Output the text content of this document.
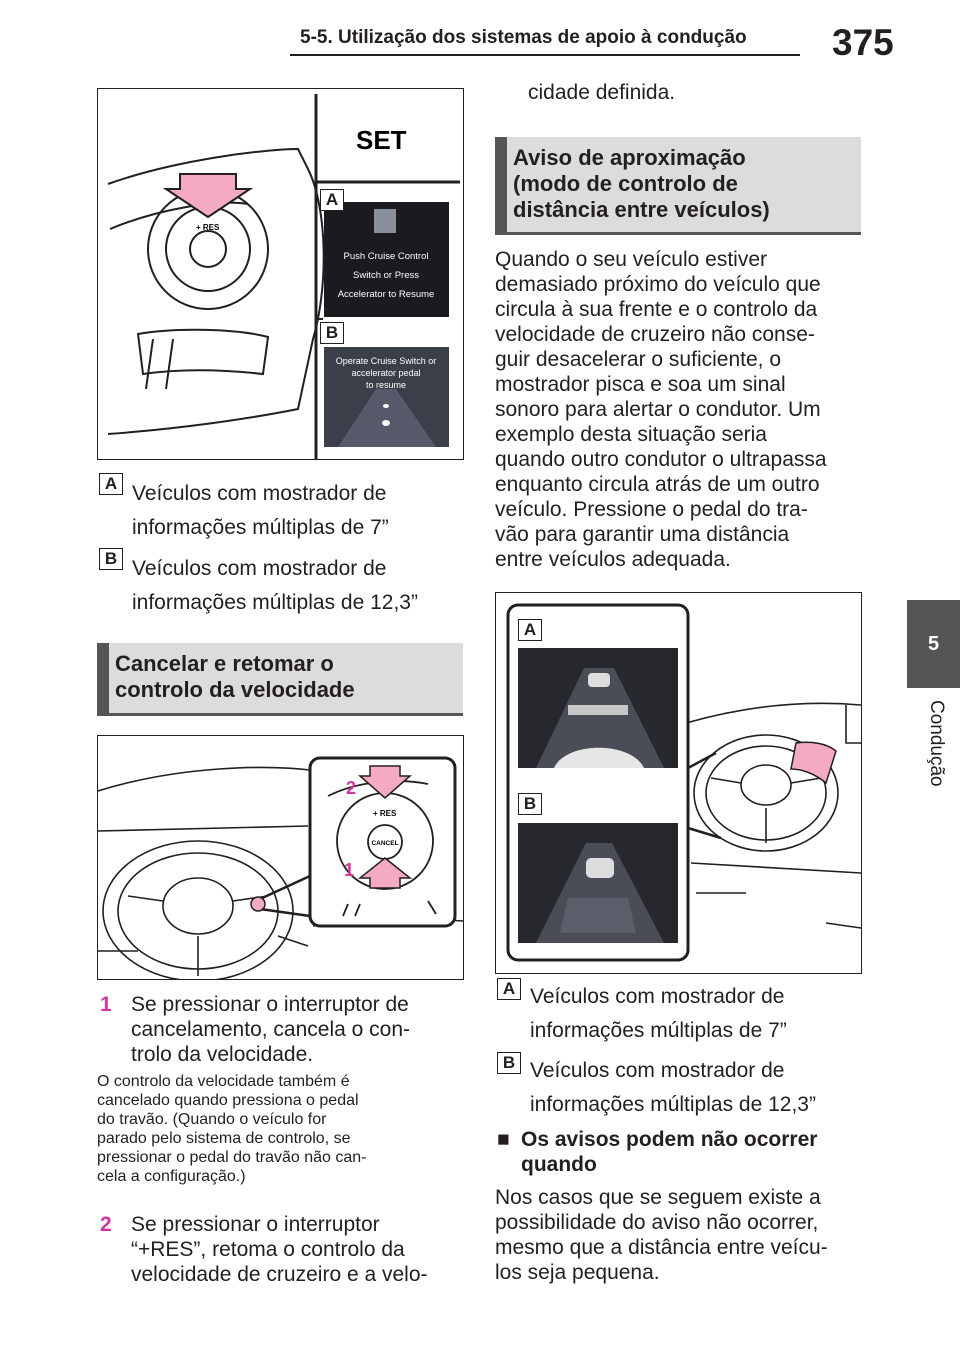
5-5. Utilização dos sistemas de apoio à condução	375
5
Condução
+ RES
SET
Push Cruise Control
Switch or Press
Accelerator to Resume
Operate Cruise Switch or
accelerator pedal
to resume
A
B
A Veículos com mostrador de
informações múltiplas de 7”
B Veículos com mostrador de
informações múltiplas de 12,3”
Cancelar e retomar o
controlo da velocidade
+ RES
CANCEL
2
1
1 Se pressionar o interruptor de
cancelamento, cancela o con-
trolo da velocidade.
O controlo da velocidade também é
cancelado quando pressiona o pedal
do travão. (Quando o veículo for
parado pelo sistema de controlo, se
pressionar o pedal do travão não can-
cela a configuração.)
2 Se pressionar o interruptor
“+RES”, retoma o controlo da
velocidade de cruzeiro e a velo-
cidade definida.
Aviso de aproximação
(modo de controlo de
distância entre veículos)
Quando o seu veículo estiver
demasiado próximo do veículo que
circula à sua frente e o controlo da
velocidade de cruzeiro não conse-
guir desacelerar o suficiente, o
mostrador pisca e soa um sinal
sonoro para alertar o condutor. Um
exemplo desta situação seria
quando outro condutor o ultrapassa
enquanto circula atrás de um outro
veículo. Pressione o pedal do tra-
vão para garantir uma distância
entre veículos adequada.
A
B
A Veículos com mostrador de
informações múltiplas de 7”
B Veículos com mostrador de
informações múltiplas de 12,3”
■ Os avisos podem não ocorrer
quando
Nos casos que se seguem existe a
possibilidade do aviso não ocorrer,
mesmo que a distância entre veícu-
los seja pequena.
